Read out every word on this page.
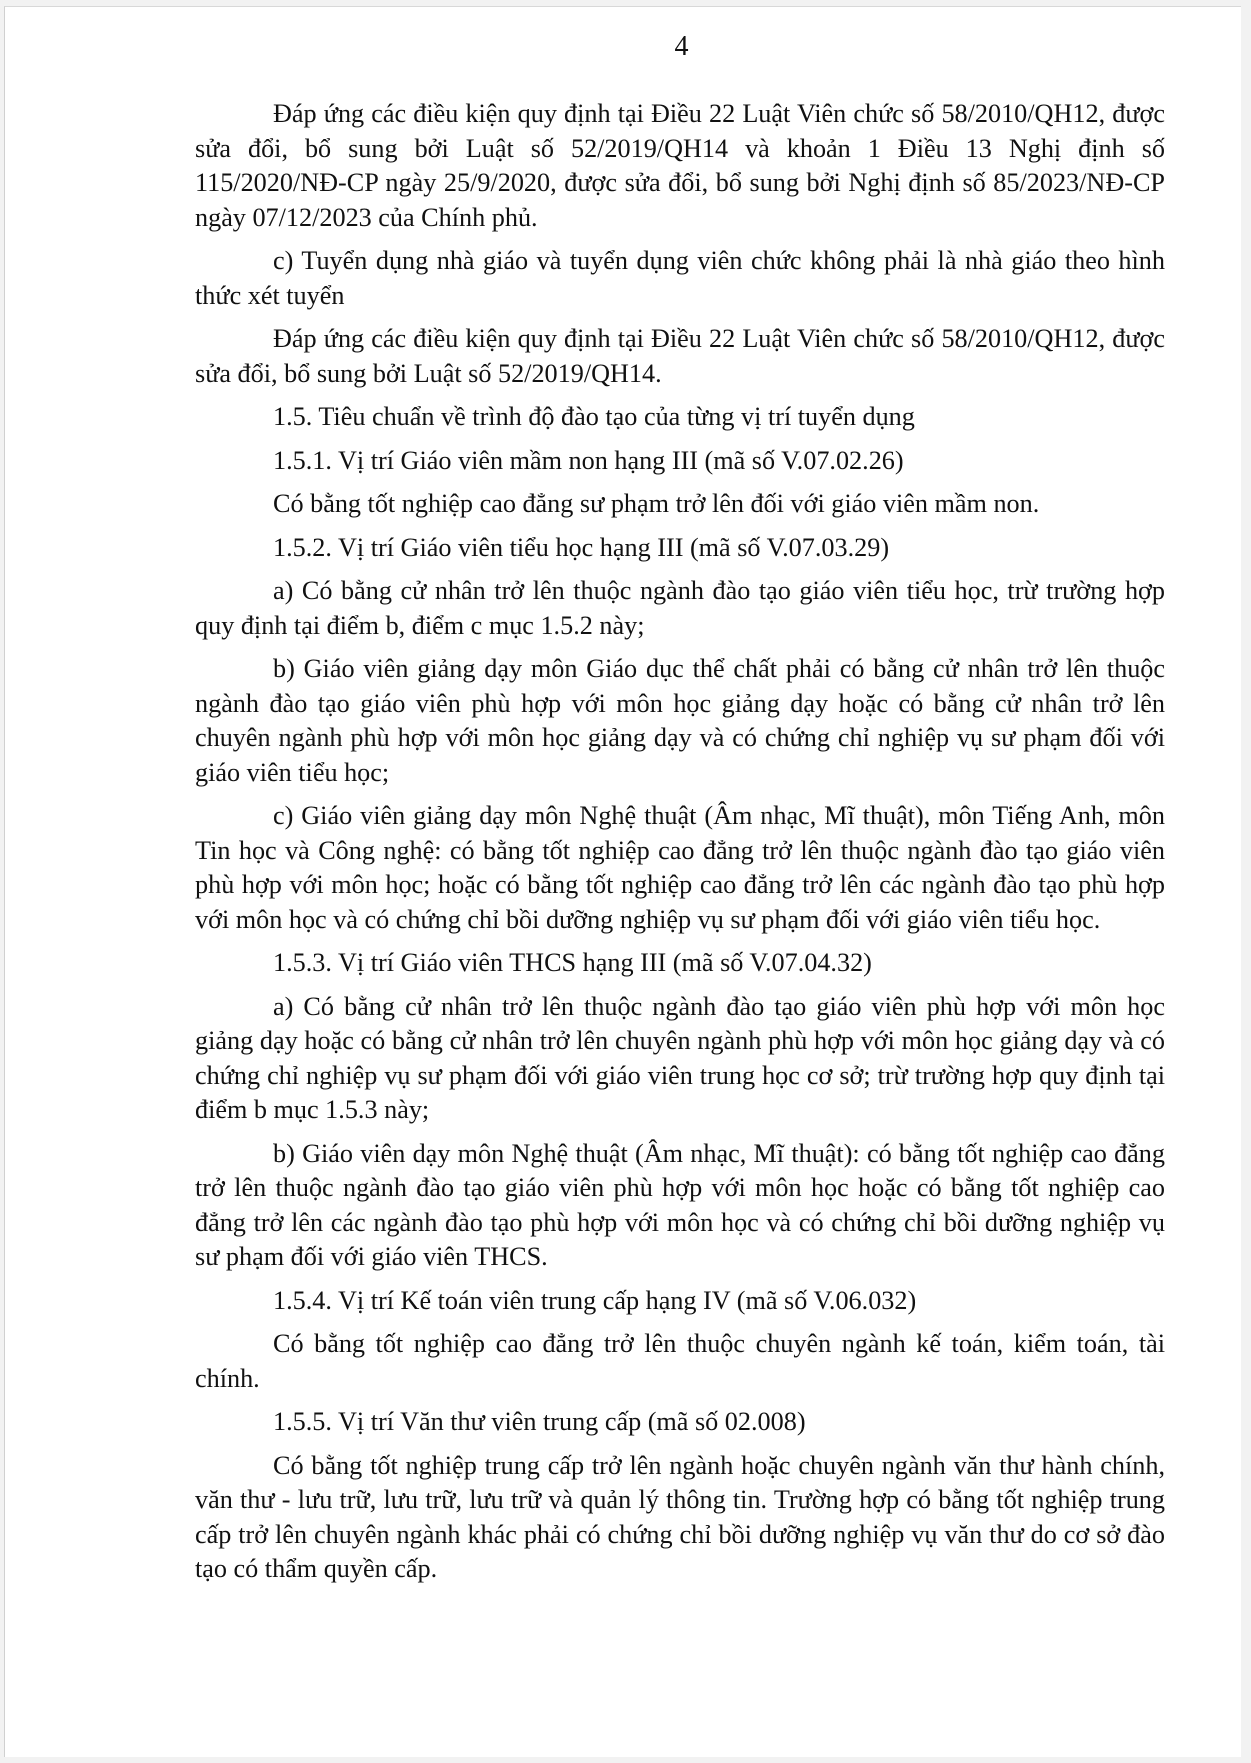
4

Đáp ứng các điều kiện quy định tại Điều 22 Luật Viên chức số 58/2010/QH12, được sửa đổi, bổ sung bởi Luật số 52/2019/QH14 và khoản 1 Điều 13 Nghị định số 115/2020/NĐ-CP ngày 25/9/2020, được sửa đổi, bổ sung bởi Nghị định số 85/2023/NĐ-CP ngày 07/12/2023 của Chính phủ.

c) Tuyển dụng nhà giáo và tuyển dụng viên chức không phải là nhà giáo theo hình thức xét tuyển

Đáp ứng các điều kiện quy định tại Điều 22 Luật Viên chức số 58/2010/QH12, được sửa đổi, bổ sung bởi Luật số 52/2019/QH14.

1.5. Tiêu chuẩn về trình độ đào tạo của từng vị trí tuyển dụng

1.5.1. Vị trí Giáo viên mầm non hạng III (mã số V.07.02.26)

Có bằng tốt nghiệp cao đẳng sư phạm trở lên đối với giáo viên mầm non.

1.5.2. Vị trí Giáo viên tiểu học hạng III (mã số V.07.03.29)

a) Có bằng cử nhân trở lên thuộc ngành đào tạo giáo viên tiểu học, trừ trường hợp quy định tại điểm b, điểm c mục 1.5.2 này;

b) Giáo viên giảng dạy môn Giáo dục thể chất phải có bằng cử nhân trở lên thuộc ngành đào tạo giáo viên phù hợp với môn học giảng dạy hoặc có bằng cử nhân trở lên chuyên ngành phù hợp với môn học giảng dạy và có chứng chỉ nghiệp vụ sư phạm đối với giáo viên tiểu học;

c) Giáo viên giảng dạy môn Nghệ thuật (Âm nhạc, Mĩ thuật), môn Tiếng Anh, môn Tin học và Công nghệ: có bằng tốt nghiệp cao đẳng trở lên thuộc ngành đào tạo giáo viên phù hợp với môn học; hoặc có bằng tốt nghiệp cao đẳng trở lên các ngành đào tạo phù hợp với môn học và có chứng chỉ bồi dưỡng nghiệp vụ sư phạm đối với giáo viên tiểu học.

1.5.3. Vị trí Giáo viên THCS hạng III (mã số V.07.04.32)

a) Có bằng cử nhân trở lên thuộc ngành đào tạo giáo viên phù hợp với môn học giảng dạy hoặc có bằng cử nhân trở lên chuyên ngành phù hợp với môn học giảng dạy và có chứng chỉ nghiệp vụ sư phạm đối với giáo viên trung học cơ sở; trừ trường hợp quy định tại điểm b mục 1.5.3 này;

b) Giáo viên dạy môn Nghệ thuật (Âm nhạc, Mĩ thuật): có bằng tốt nghiệp cao đẳng trở lên thuộc ngành đào tạo giáo viên phù hợp với môn học hoặc có bằng tốt nghiệp cao đẳng trở lên các ngành đào tạo phù hợp với môn học và có chứng chỉ bồi dưỡng nghiệp vụ sư phạm đối với giáo viên THCS.

1.5.4. Vị trí Kế toán viên trung cấp hạng IV (mã số V.06.032)

Có bằng tốt nghiệp cao đẳng trở lên thuộc chuyên ngành kế toán, kiểm toán, tài chính.

1.5.5. Vị trí Văn thư viên trung cấp (mã số 02.008)

Có bằng tốt nghiệp trung cấp trở lên ngành hoặc chuyên ngành văn thư hành chính, văn thư - lưu trữ, lưu trữ, lưu trữ và quản lý thông tin. Trường hợp có bằng tốt nghiệp trung cấp trở lên chuyên ngành khác phải có chứng chỉ bồi dưỡng nghiệp vụ văn thư do cơ sở đào tạo có thẩm quyền cấp.
